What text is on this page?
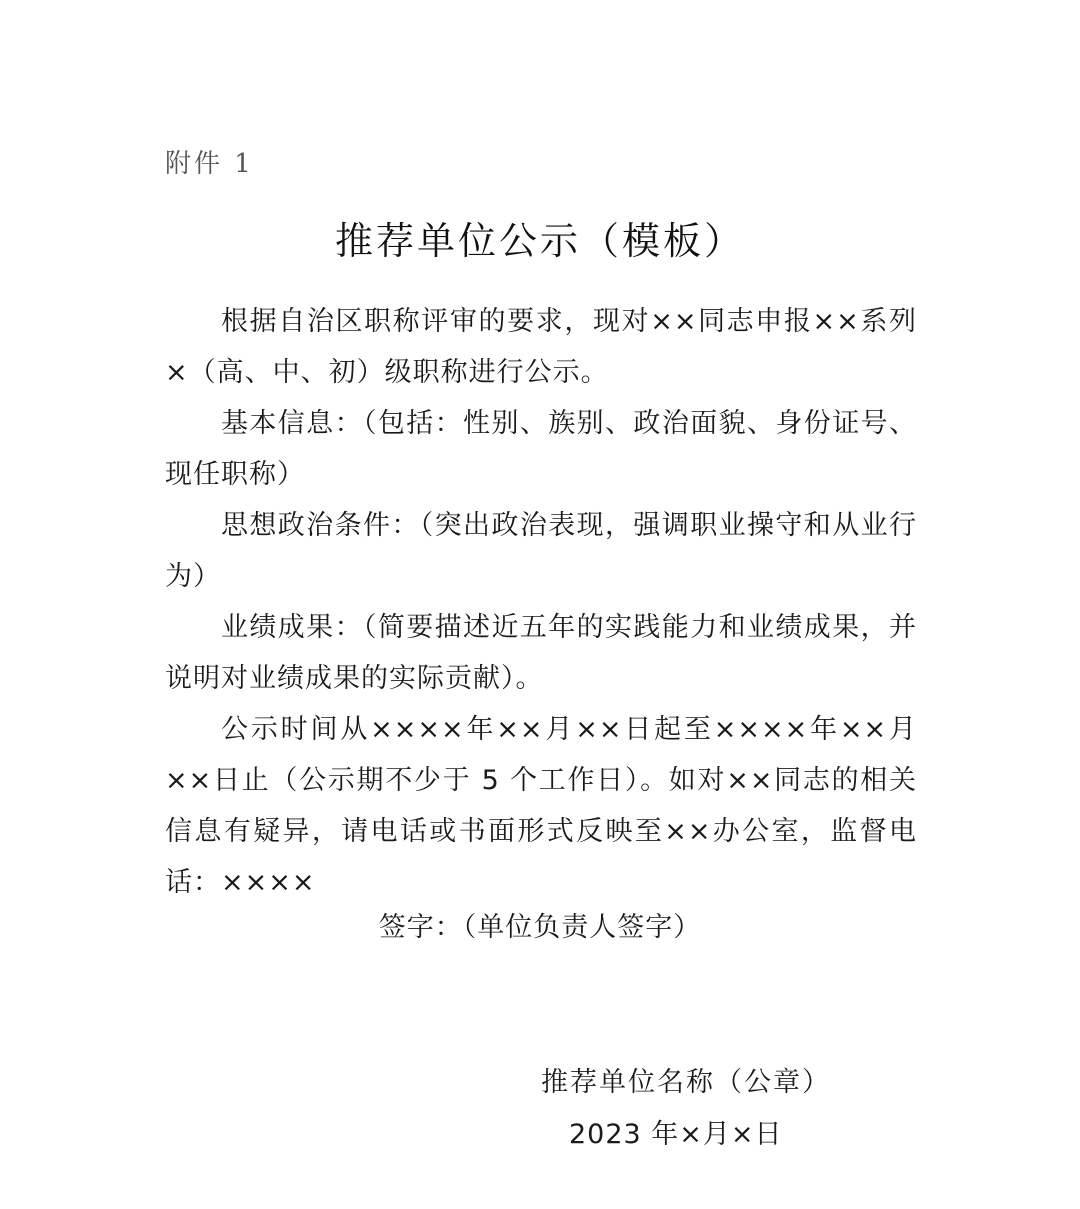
附件 1
推荐单位公示（模板）

根据自治区职称评审的要求，现对××同志申报××系列×（高、中、初）级职称进行公示。

基本信息：（包括：性别、族别、政治面貌、身份证号、现任职称）

思想政治条件：（突出政治表现，强调职业操守和从业行为）

业绩成果：（简要描述近五年的实践能力和业绩成果，并说明对业绩成果的实际贡献）。

公示时间从××××年××月××日起至××××年××月××日止（公示期不少于 5 个工作日）。如对××同志的相关信息有疑异，请电话或书面形式反映至××办公室，监督电话：××××

签字：（单位负责人签字）
推荐单位名称（公章）
2023 年×月×日
